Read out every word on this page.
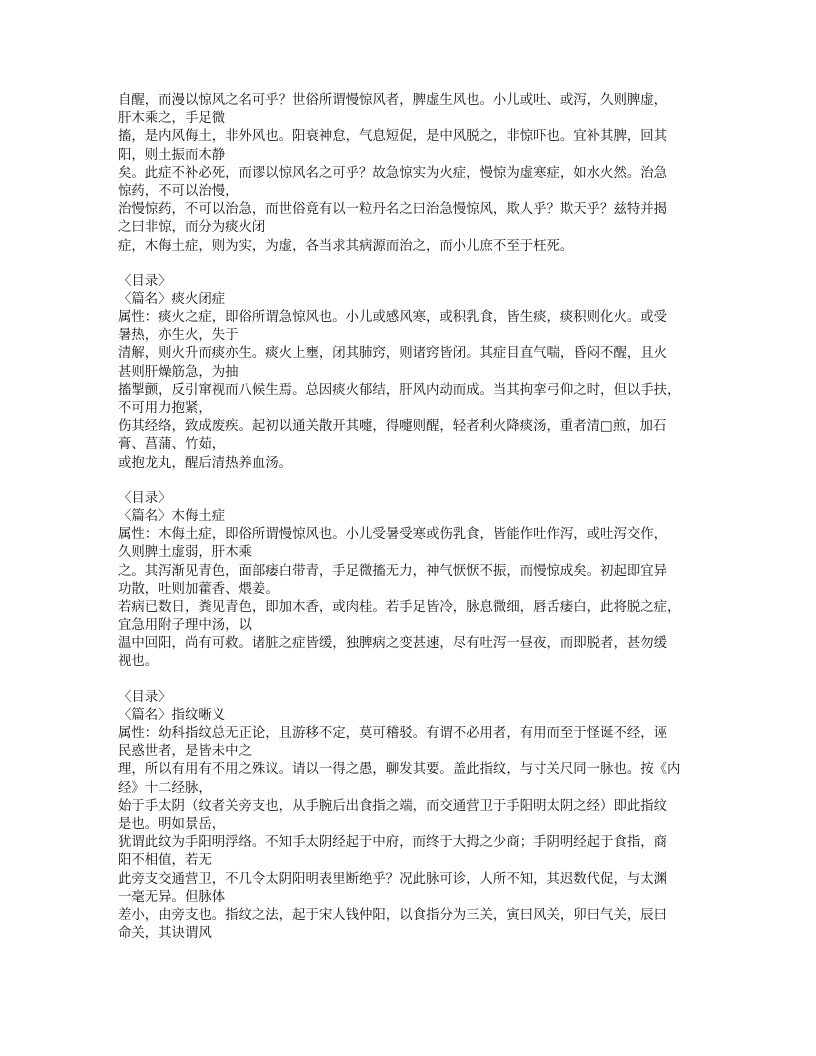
自醒，而漫以惊风之名可乎？世俗所谓慢惊风者，脾虚生风也。小儿或吐、或泻，久则脾虚，
肝木乘之，手足微
搐，是内风侮土，非外风也。阳衰神怠，气息短促，是中风脱之，非惊吓也。宜补其脾，回其
阳，则土振而木静
矣。此症不补必死，而谬以惊风名之可乎？故急惊实为火症，慢惊为虚寒症，如水火然。治急
惊药，不可以治慢，
治慢惊药，不可以治急，而世俗竟有以一粒丹名之曰治急慢惊风，欺人乎？欺天乎？兹特并揭
之曰非惊，而分为痰火闭
症，木侮土症，则为实，为虚，各当求其病源而治之，而小儿庶不至于枉死。
〈目录〉
〈篇名〉痰火闭症
属性：痰火之症，即俗所谓急惊风也。小儿或感风寒，或积乳食，皆生痰，痰积则化火。或受
暑热，亦生火，失于
清解，则火升而痰亦生。痰火上壅，闭其肺窍，则诸窍皆闭。其症目直气喘，昏闷不醒，且火
甚则肝燥筋急，为抽
搐掣颤，反引窜视而八候生焉。总因痰火郁结，肝风内动而成。当其拘挛弓仰之时，但以手扶，
不可用力抱紧，
伤其经络，致成废疾。起初以通关散开其嚏，得嚏则醒，轻者利火降痰汤，重者清□煎，加石
膏、菖蒲、竹茹，
或抱龙丸，醒后清热养血汤。
〈目录〉
〈篇名〉木侮土症
属性：木侮土症，即俗所谓慢惊风也。小儿受暑受寒或伤乳食，皆能作吐作泻，或吐泻交作，
久则脾土虚弱，肝木乘
之。其泻渐见青色，面部痿白带青，手足微搐无力，神气恹恹不振，而慢惊成矣。初起即宜异
功散，吐则加藿香、煨姜。
若病已数日，粪见青色，即加木香，或肉桂。若手足皆冷，脉息微细，唇舌痿白，此将脱之症，
宜急用附子理中汤，以
温中回阳，尚有可救。诸脏之症皆缓，独脾病之变甚速，尽有吐泻一昼夜，而即脱者，甚勿缓
视也。
〈目录〉
〈篇名〉指纹晰义
属性：幼科指纹总无正论，且游移不定，莫可稽驳。有谓不必用者，有用而至于怪诞不经，诬
民惑世者，是皆未中之
理，所以有用有不用之殊议。请以一得之愚，聊发其要。盖此指纹，与寸关尺同一脉也。按《内
经》十二经脉，
始于手太阴（纹者关旁支也，从手腕后出食指之端，而交通营卫于手阳明太阴之经）即此指纹
是也。明如景岳，
犹谓此纹为手阳明浮络。不知手太阴经起于中府，而终于大拇之少商；手阴明经起于食指，商
阳不相值，若无
此旁支交通营卫，不几令太阴阳明表里断绝乎？况此脉可诊，人所不知，其迟数代促，与太渊
一毫无异。但脉体
差小，由旁支也。指纹之法，起于宋人钱仲阳，以食指分为三关，寅曰风关，卯曰气关，辰曰
命关，其诀谓风
